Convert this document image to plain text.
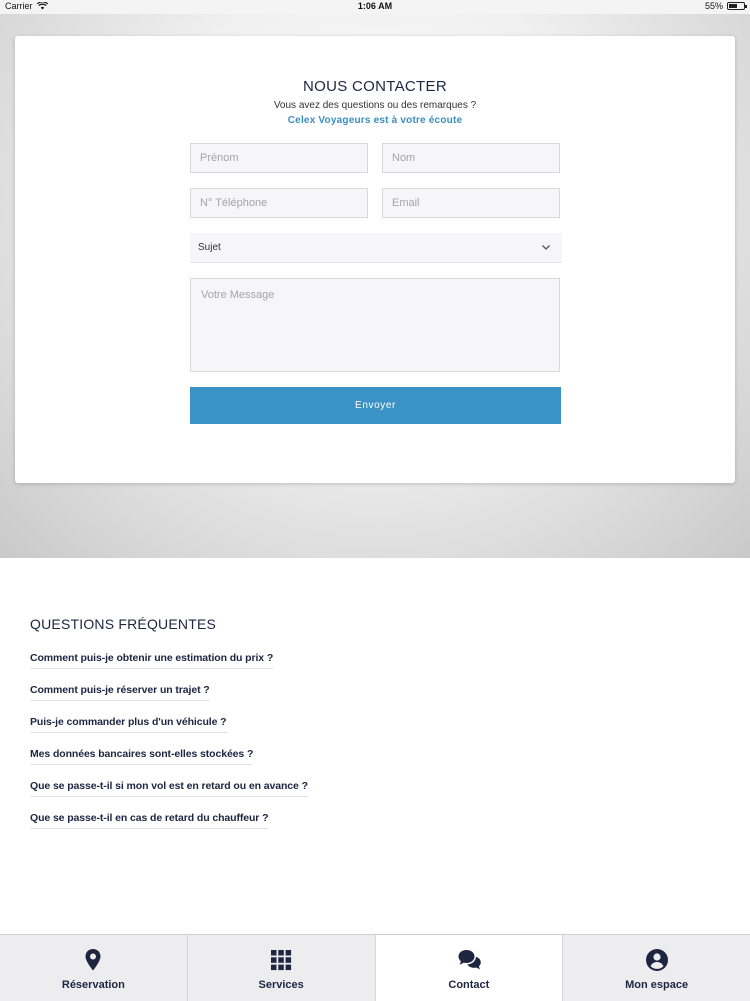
Carrier	1:06 AM	55%
NOUS CONTACTER
Vous avez des questions ou des remarques ?
Celex Voyageurs est à votre écoute
Prénom
Nom
N° Téléphone
Email
Sujet
Votre Message
Envoyer
QUESTIONS FRÉQUENTES
Comment puis-je obtenir une estimation du prix ?
Comment puis-je réserver un trajet ?
Puis-je commander plus d'un véhicule ?
Mes données bancaires sont-elles stockées ?
Que se passe-t-il si mon vol est en retard ou en avance ?
Que se passe-t-il en cas de retard du chauffeur ?
Réservation	Services	Contact	Mon espace
